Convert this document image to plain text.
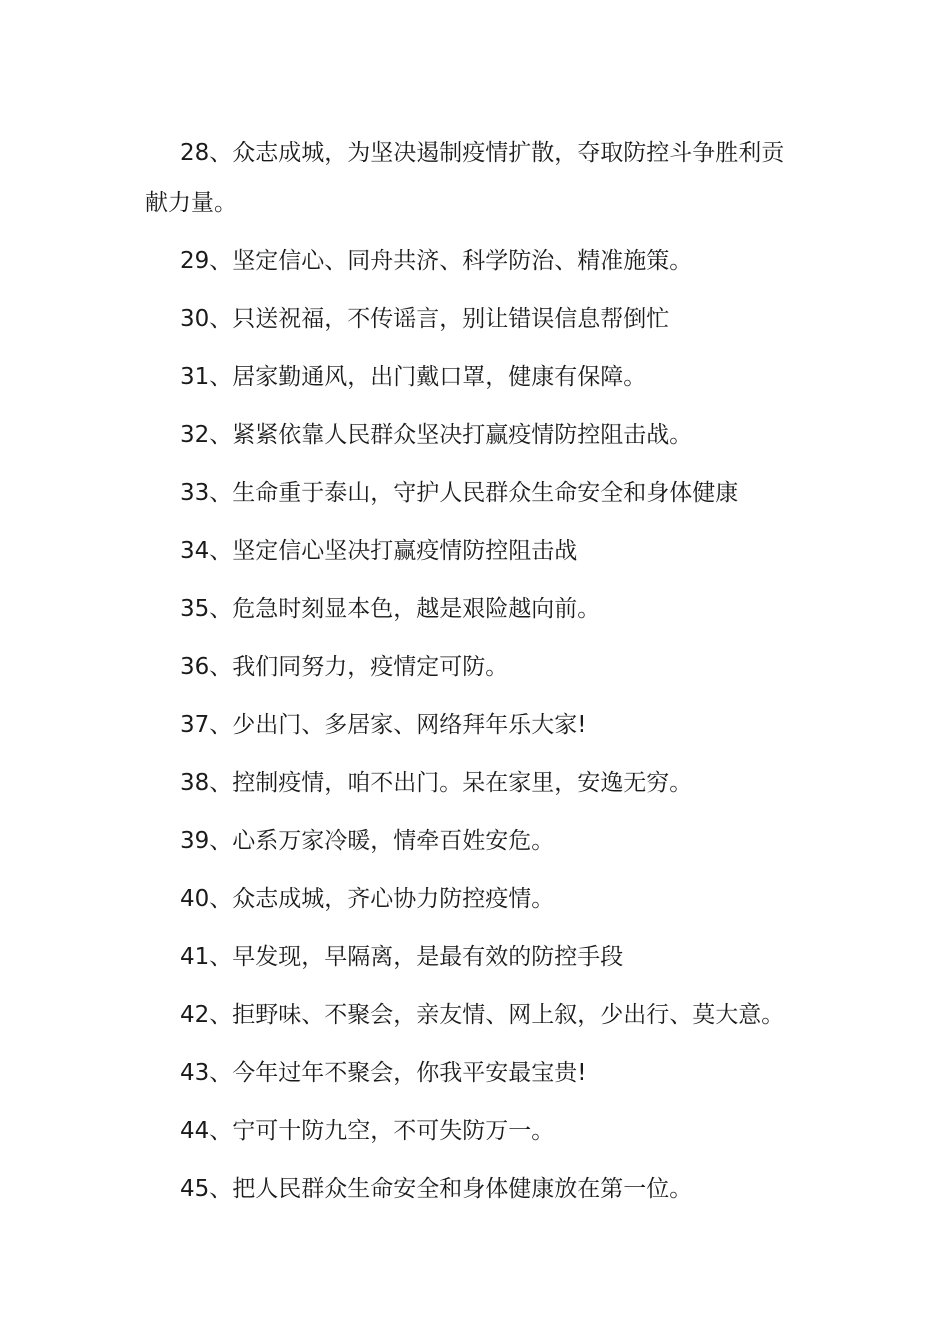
28、众志成城，为坚决遏制疫情扩散，夺取防控斗争胜利贡献力量。

29、坚定信心、同舟共济、科学防治、精准施策。

30、只送祝福，不传谣言，别让错误信息帮倒忙

31、居家勤通风，出门戴口罩，健康有保障。

32、紧紧依靠人民群众坚决打赢疫情防控阻击战。

33、生命重于泰山，守护人民群众生命安全和身体健康

34、坚定信心坚决打赢疫情防控阻击战

35、危急时刻显本色，越是艰险越向前。

36、我们同努力，疫情定可防。

37、少出门、多居家、网络拜年乐大家!

38、控制疫情，咱不出门。呆在家里，安逸无穷。

39、心系万家冷暖，情牵百姓安危。

40、众志成城，齐心协力防控疫情。

41、早发现，早隔离，是最有效的防控手段

42、拒野味、不聚会，亲友情、网上叙，少出行、莫大意。

43、今年过年不聚会，你我平安最宝贵!

44、宁可十防九空，不可失防万一。

45、把人民群众生命安全和身体健康放在第一位。
